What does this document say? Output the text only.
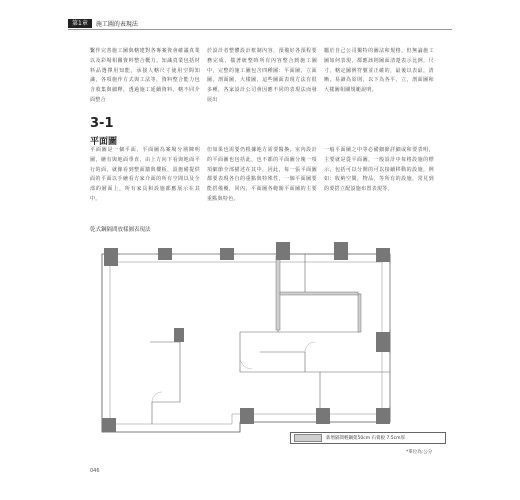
第1章	施工圖的表現法
繫作完善施工圖與轄建對各專案資會確議真業以及彩場相關資料整合概力。知識真業包括材料品選擇用知能，承接人轄尺寸使用空間知識，各項施作方式與工法等，資料整合能力包含收集與細釋，透過施工延續資料，轄不同介面整合
於設計者整體設計框制內容，預備好各預程要務完成，揣著統整時所有內容整合到施工圖中，完整的施工圖包含四種圖：平面圖，立面圖，剖面圖，大樣圖，這些圖面表現方法有很多種，各家設計公司會因應不同的表現法而發展出
屬於自己公司獨特的圖法和規格，但無論施工圖如何表現，都應該則圖面清楚表示比例，尺寸，轄定圖例符號並正確的，最後以表最，清晰，易讀為原則，以下為各平，立，剖面圖和大樣圖相關規範說明。
3-1
平面圖
平面圖是一個平面，平面圖為案場分層陳明圖，繪有與地面垂直，由上方向下看與地面平行的面，就像看到整面牆與樓板，設施備提供面的平面以手繪看方家介面的所有空間以及全部的層面上，所有家具和設施都應展示在其中。
但如果也需要仍根據地方需要醫換，室內設計的平面圖也包括此，也不都的平面圖分塊一項項細節全部描述在其中，因此，每一張平面圖都要表現各自的重點與特殊性，一個平面圖要能搭備覆，同內，平面圖各範圍平面圖的主要重點與特色。
一般平面圖之中等必備細節詳細或和要表明，主要就是從平面圖，一般設計中每格設施的標示，包括可以分開的可以接續移動的設施，例如：收納空間，物品，等所有的設施，常見到的要搭立配設施布置表現等。
乾式鋼隔間放樣圖表現法
新增隔間輕鋼架50cm 石膏板 7.5cm厚
*單位為:公分
046
